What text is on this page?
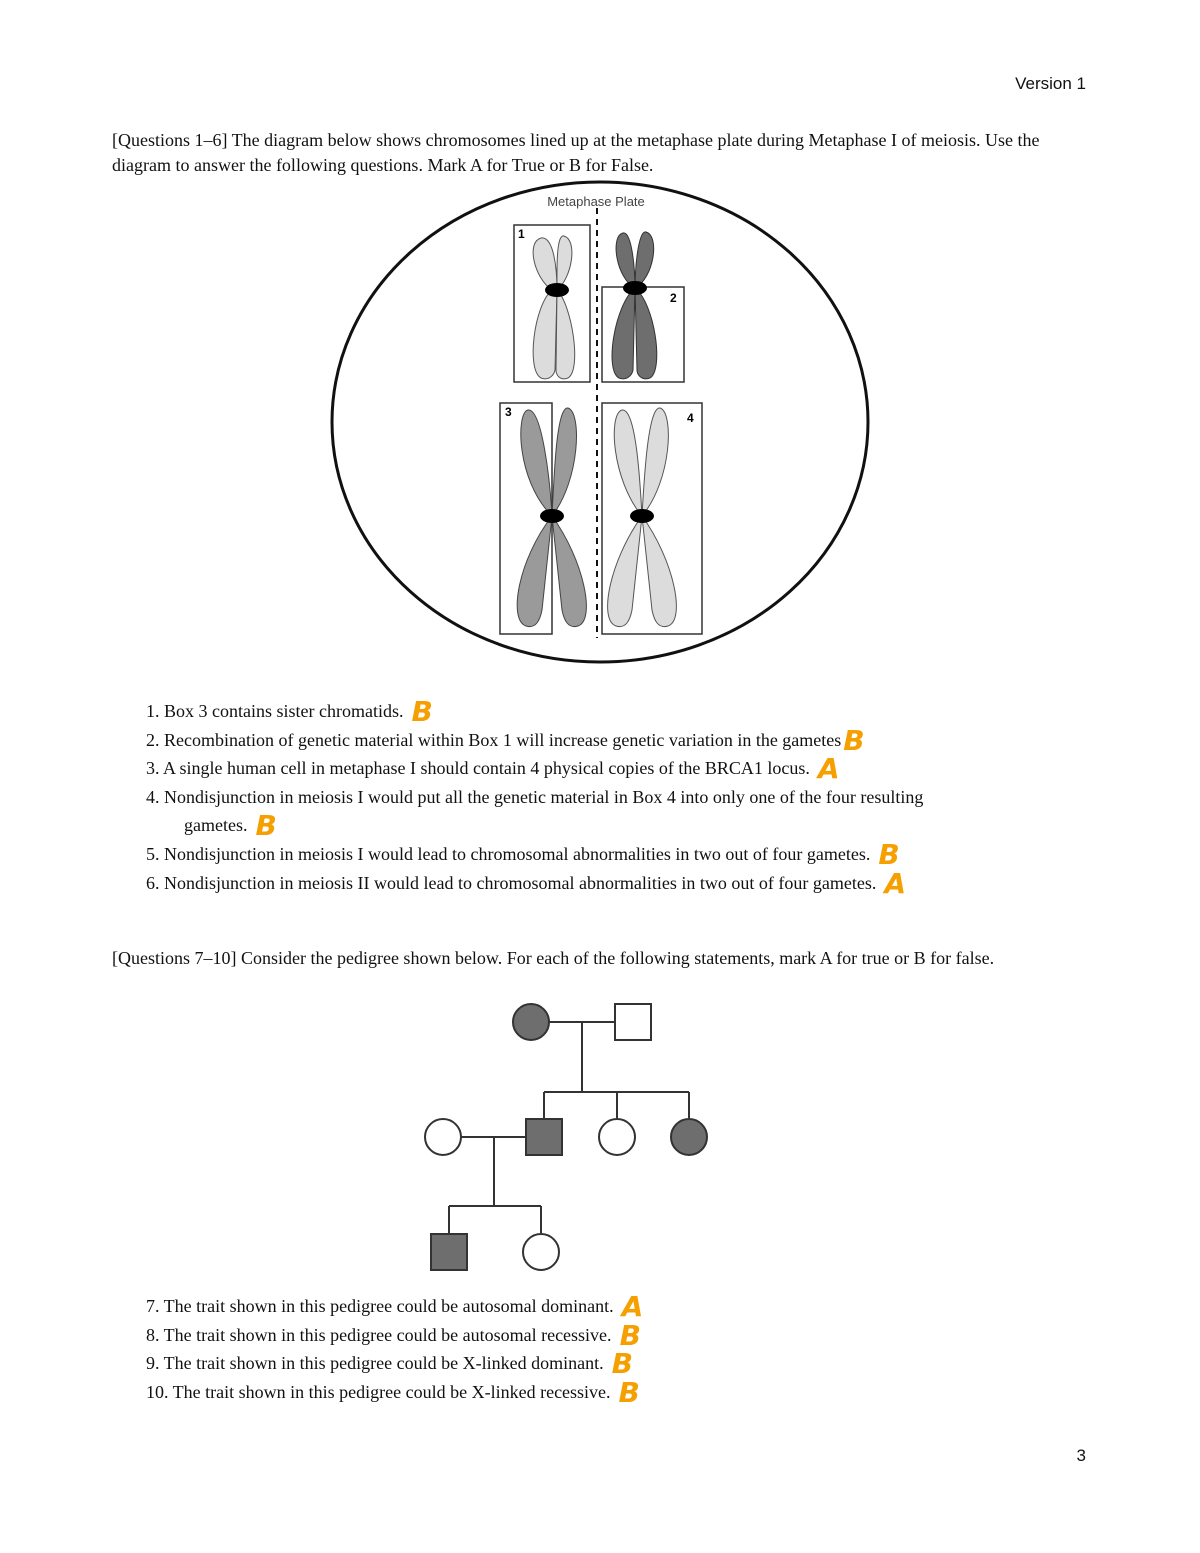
Version 1
[Questions 1–6] The diagram below shows chromosomes lined up at the metaphase plate during Metaphase I of meiosis. Use the diagram to answer the following questions. Mark A for True or B for False.
Metaphase Plate
1
2
3	4
1. Box 3 contains sister chromatids. B
2. Recombination of genetic material within Box 1 will increase genetic variation in the gametesB
3. A single human cell in metaphase I should contain 4 physical copies of the BRCA1 locus. A
4. Nondisjunction in meiosis I would put all the genetic material in Box 4 into only one of the four resulting
gametes. B
5. Nondisjunction in meiosis I would lead to chromosomal abnormalities in two out of four gametes. B
6. Nondisjunction in meiosis II would lead to chromosomal abnormalities in two out of four gametes. A
[Questions 7–10] Consider the pedigree shown below. For each of the following statements, mark A for true or B for false.
7. The trait shown in this pedigree could be autosomal dominant. A
8. The trait shown in this pedigree could be autosomal recessive. B
9. The trait shown in this pedigree could be X-linked dominant. B
10. The trait shown in this pedigree could be X-linked recessive. B
3
